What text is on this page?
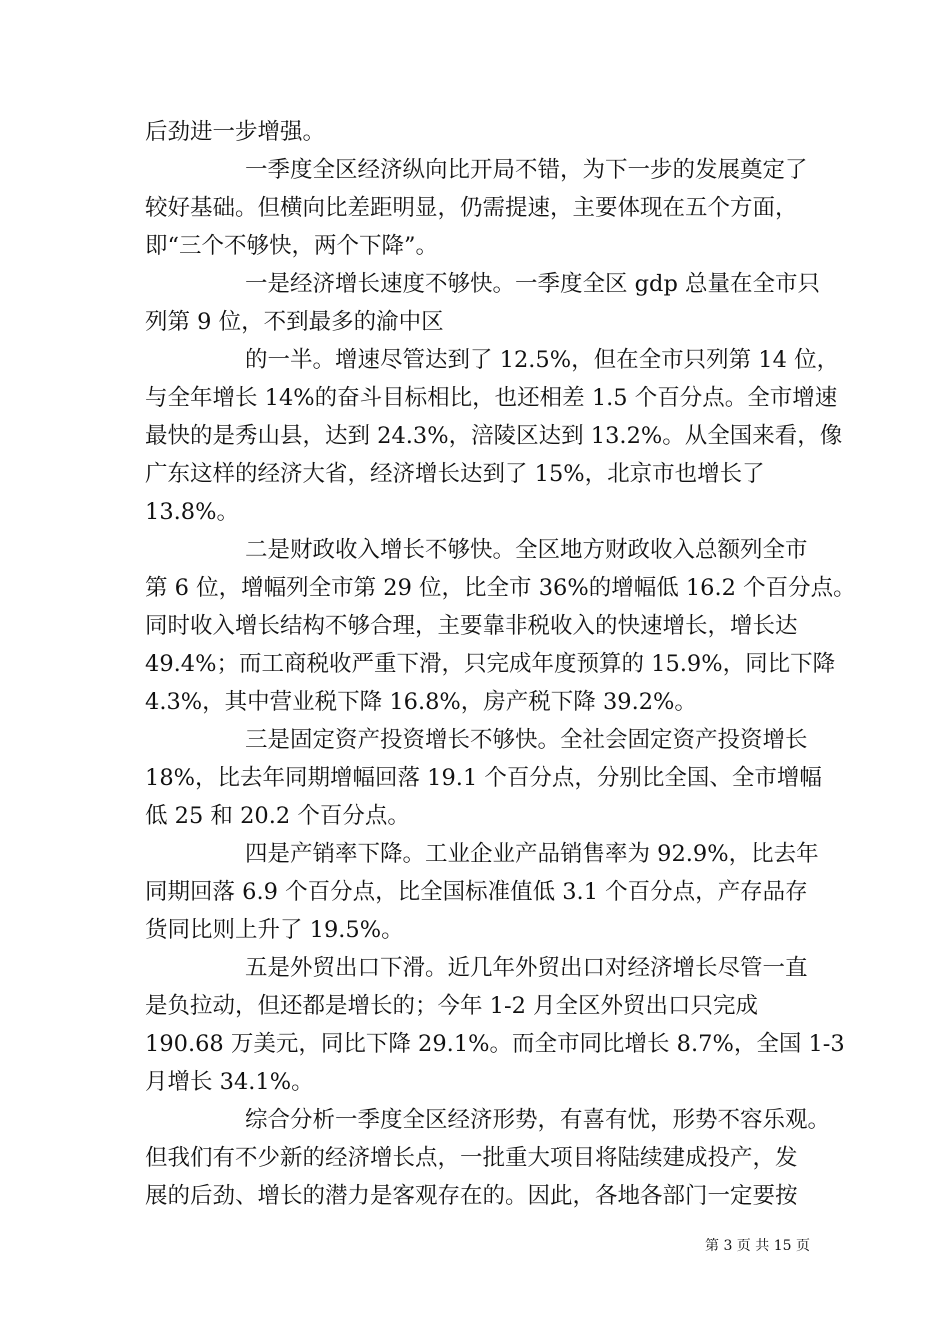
后劲进一步增强。
一季度全区经济纵向比开局不错，为下一步的发展奠定了
较好基础。但横向比差距明显，仍需提速，主要体现在五个方面，
即“三个不够快，两个下降”。
一是经济增长速度不够快。一季度全区 gdp 总量在全市只
列第 9 位，不到最多的渝中区
的一半。增速尽管达到了 12.5%，但在全市只列第 14 位，
与全年增长 14%的奋斗目标相比，也还相差 1.5 个百分点。全市增速
最快的是秀山县，达到 24.3%，涪陵区达到 13.2%。从全国来看，像
广东这样的经济大省，经济增长达到了 15%，北京市也增长了
13.8%。
二是财政收入增长不够快。全区地方财政收入总额列全市
第 6 位，增幅列全市第 29 位，比全市 36%的增幅低 16.2 个百分点。
同时收入增长结构不够合理，主要靠非税收入的快速增长，增长达
49.4%；而工商税收严重下滑，只完成年度预算的 15.9%，同比下降
4.3%，其中营业税下降 16.8%，房产税下降 39.2%。
三是固定资产投资增长不够快。全社会固定资产投资增长
18%，比去年同期增幅回落 19.1 个百分点，分别比全国、全市增幅
低 25 和 20.2 个百分点。
四是产销率下降。工业企业产品销售率为 92.9%，比去年
同期回落 6.9 个百分点，比全国标准值低 3.1 个百分点，产存品存
货同比则上升了 19.5%。
五是外贸出口下滑。近几年外贸出口对经济增长尽管一直
是负拉动，但还都是增长的；今年 1-2 月全区外贸出口只完成
190.68 万美元，同比下降 29.1%。而全市同比增长 8.7%，全国 1-3
月增长 34.1%。
综合分析一季度全区经济形势，有喜有忧，形势不容乐观。
但我们有不少新的经济增长点，一批重大项目将陆续建成投产，发
展的后劲、增长的潜力是客观存在的。因此，各地各部门一定要按
第 3 页 共 15 页
